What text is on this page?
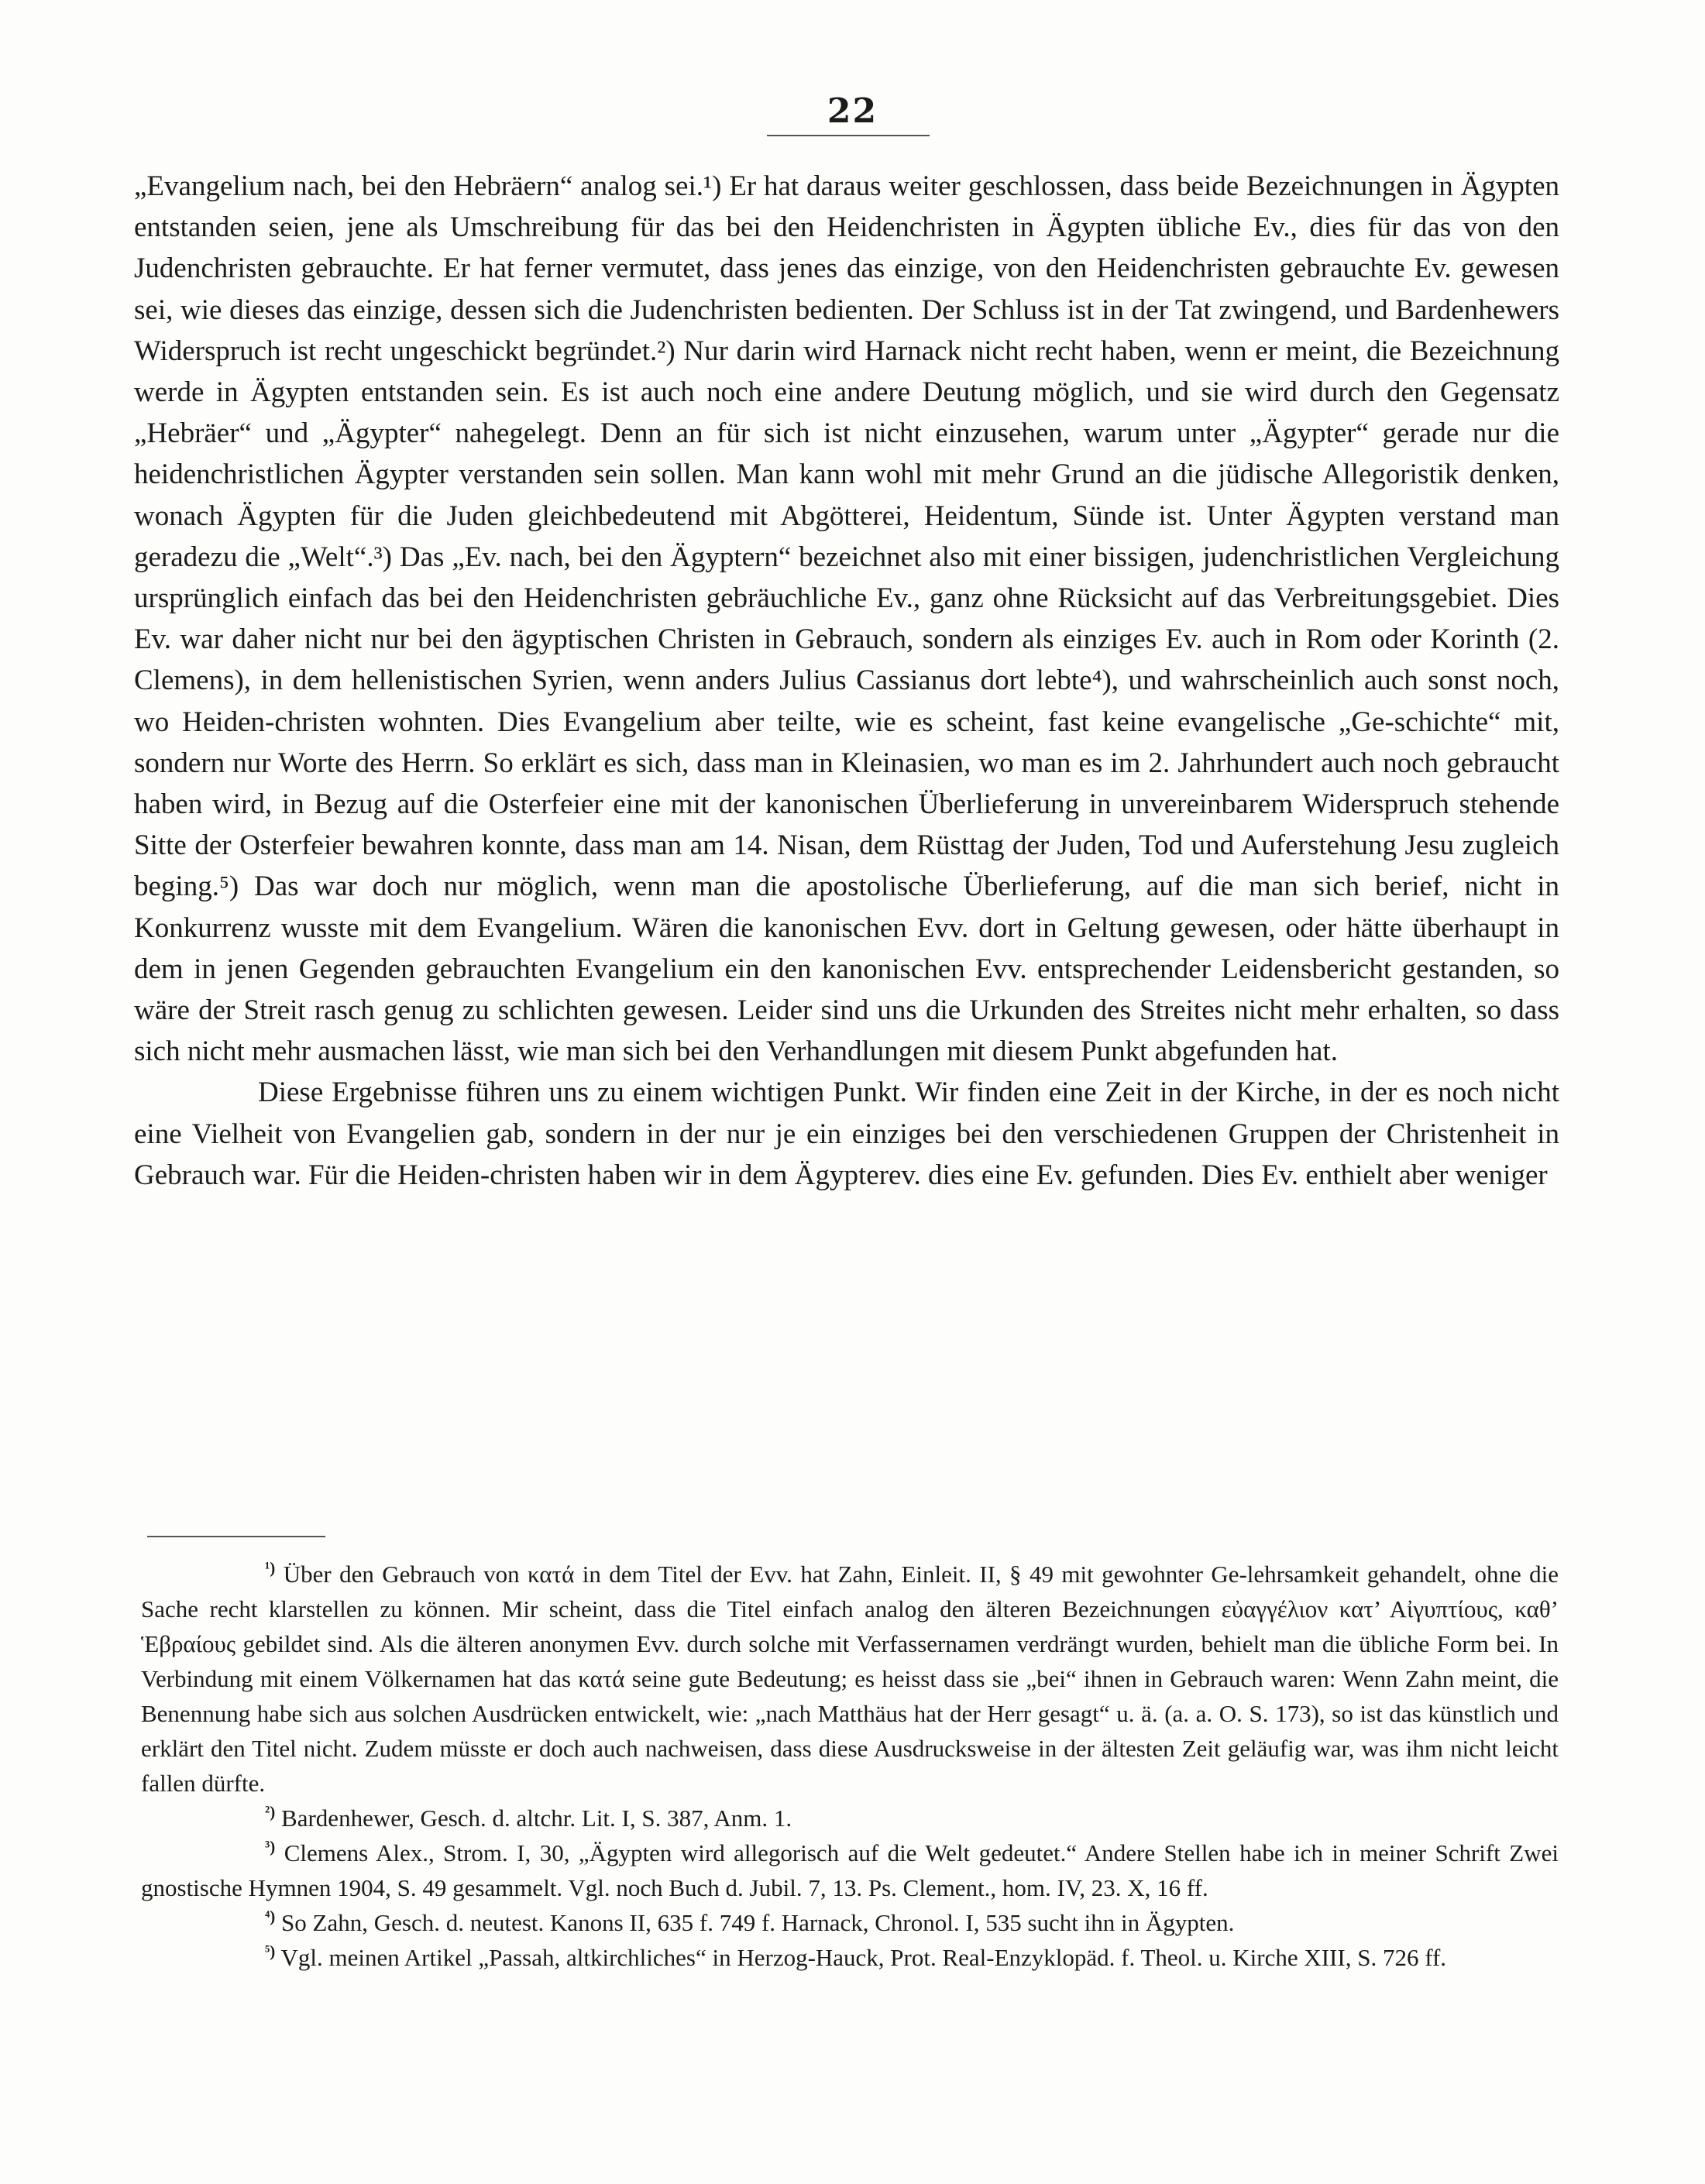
22

„Evangelium nach, bei den Hebräern“ analog sei.¹) Er hat daraus weiter geschlossen, dass beide Bezeichnungen in Ägypten entstanden seien, jene als Umschreibung für das bei den Heidenchristen in Ägypten übliche Ev., dies für das von den Judenchristen gebrauchte. Er hat ferner vermutet, dass jenes das einzige, von den Heidenchristen gebrauchte Ev. gewesen sei, wie dieses das einzige, dessen sich die Judenchristen bedienten. Der Schluss ist in der Tat zwingend, und Bardenhewers Widerspruch ist recht ungeschickt begründet.²) Nur darin wird Harnack nicht recht haben, wenn er meint, die Bezeichnung werde in Ägypten entstanden sein. Es ist auch noch eine andere Deutung möglich, und sie wird durch den Gegensatz „Hebräer“ und „Ägypter“ nahegelegt. Denn an für sich ist nicht einzusehen, warum unter „Ägypter“ gerade nur die heidenchristlichen Ägypter verstanden sein sollen. Man kann wohl mit mehr Grund an die jüdische Allegoristik denken, wonach Ägypten für die Juden gleichbedeutend mit Abgötterei, Heidentum, Sünde ist. Unter Ägypten verstand man geradezu die „Welt“.³) Das „Ev. nach, bei den Ägyptern“ bezeichnet also mit einer bissigen, judenchristlichen Vergleichung ursprünglich einfach das bei den Heidenchristen gebräuchliche Ev., ganz ohne Rücksicht auf das Verbreitungsgebiet. Dies Ev. war daher nicht nur bei den ägyptischen Christen in Gebrauch, sondern als einziges Ev. auch in Rom oder Korinth (2. Clemens), in dem hellenistischen Syrien, wenn anders Julius Cassianus dort lebte⁴), und wahrscheinlich auch sonst noch, wo Heiden-christen wohnten. Dies Evangelium aber teilte, wie es scheint, fast keine evangelische „Ge-schichte“ mit, sondern nur Worte des Herrn. So erklärt es sich, dass man in Kleinasien, wo man es im 2. Jahrhundert auch noch gebraucht haben wird, in Bezug auf die Osterfeier eine mit der kanonischen Überlieferung in unvereinbarem Widerspruch stehende Sitte der Osterfeier bewahren konnte, dass man am 14. Nisan, dem Rüsttag der Juden, Tod und Auferstehung Jesu zugleich beging.⁵) Das war doch nur möglich, wenn man die apostolische Überlieferung, auf die man sich berief, nicht in Konkurrenz wusste mit dem Evangelium. Wären die kanonischen Evv. dort in Geltung gewesen, oder hätte überhaupt in dem in jenen Gegenden gebrauchten Evangelium ein den kanonischen Evv. entsprechender Leidensbericht gestanden, so wäre der Streit rasch genug zu schlichten gewesen. Leider sind uns die Urkunden des Streites nicht mehr erhalten, so dass sich nicht mehr ausmachen lässt, wie man sich bei den Verhandlungen mit diesem Punkt abgefunden hat.

Diese Ergebnisse führen uns zu einem wichtigen Punkt. Wir finden eine Zeit in der Kirche, in der es noch nicht eine Vielheit von Evangelien gab, sondern in der nur je ein einziges bei den verschiedenen Gruppen der Christenheit in Gebrauch war. Für die Heiden-christen haben wir in dem Ägypterev. dies eine Ev. gefunden. Dies Ev. enthielt aber weniger

$^{^1)}$ Über den Gebrauch von κατά in dem Titel der Evv. hat Zahn, Einleit. II, § 49 mit gewohnter Ge-lehrsamkeit gehandelt, ohne die Sache recht klarstellen zu können. Mir scheint, dass die Titel einfach analog den älteren Bezeichnungen εὐαγγέλιον κατ’ Αἰγυπτίους, καθ’ Ἑβραίους gebildet sind. Als die älteren anonymen Evv. durch solche mit Verfassernamen verdrängt wurden, behielt man die übliche Form bei. In Verbindung mit einem Völkernamen hat das κατά seine gute Bedeutung; es heisst dass sie „bei“ ihnen in Gebrauch waren: Wenn Zahn meint, die Benennung habe sich aus solchen Ausdrücken entwickelt, wie: „nach Matthäus hat der Herr gesagt“ u. ä. (a. a. O. S. 173), so ist das künstlich und erklärt den Titel nicht. Zudem müsste er doch auch nachweisen, dass diese Ausdrucksweise in der ältesten Zeit geläufig war, was ihm nicht leicht fallen dürfte.

$^{^2)}$ Bardenhewer, Gesch. d. altchr. Lit. I, S. 387, Anm. 1.

$^{^3)}$ Clemens Alex., Strom. I, 30, „Ägypten wird allegorisch auf die Welt gedeutet.“ Andere Stellen habe ich in meiner Schrift Zwei gnostische Hymnen 1904, S. 49 gesammelt. Vgl. noch Buch d. Jubil. 7, 13. Ps. Clement., hom. IV, 23. X, 16 ff.

$^{^4)}$ So Zahn, Gesch. d. neutest. Kanons II, 635 f. 749 f. Harnack, Chronol. I, 535 sucht ihn in Ägypten.

$^{^5)}$ Vgl. meinen Artikel „Passah, altkirchliches“ in Herzog-Hauck, Prot. Real-Enzyklopäd. f. Theol. u. Kirche XIII, S. 726 ff.
